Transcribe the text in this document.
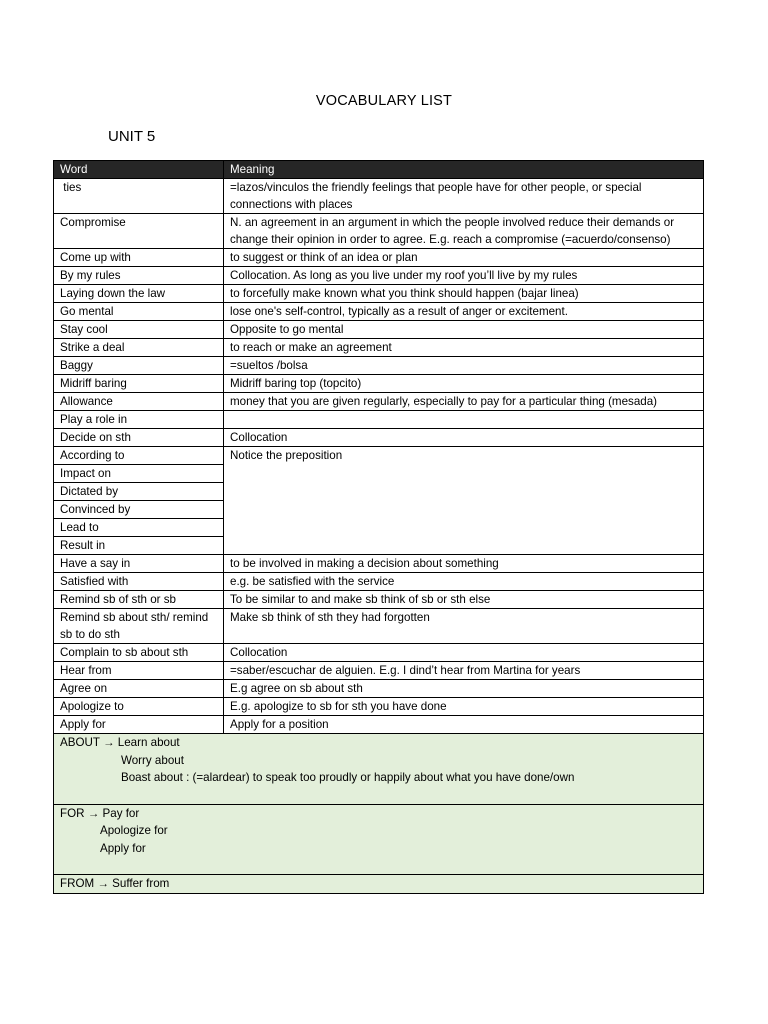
VOCABULARY LIST
UNIT 5
Word	Meaning
ties	=lazos/vinculos the friendly feelings that people have for other people, or special connections with places
Compromise	N. an agreement in an argument in which the people involved reduce their demands or change their opinion in order to agree. E.g. reach a compromise (=acuerdo/consenso)
Come up with	to suggest or think of an idea or plan
By my rules	Collocation. As long as you live under my roof you’ll live by my rules
Laying down the law	to forcefully make known what you think should happen (bajar linea)
Go mental	lose one's self-control, typically as a result of anger or excitement.
Stay cool	Opposite to go mental
Strike a deal	to reach or make an agreement
Baggy	=sueltos /bolsa
Midriff baring	Midriff baring top (topcito)
Allowance	money that you are given regularly, especially to pay for a particular thing (mesada)
Play a role in	
Decide on sth	Collocation
According to	Notice the preposition
Impact on	
Dictated by	
Convinced by	
Lead to	
Result in	
Have a say in	to be involved in making a decision about something
Satisfied with	e.g. be satisfied with the service
Remind sb of sth or sb	To be similar to and make sb think of sb or sth else
Remind sb about sth/ remind sb to do sth	Make sb think of sth they had forgotten
Complain to sb about sth	Collocation
Hear from	=saber/escuchar de alguien. E.g. I dind’t hear from Martina for years
Agree on	E.g agree on sb about sth
Apologize to	E.g. apologize to sb for sth you have done
Apply for	Apply for a position

ABOUT → Learn about
Worry about
Boast about : (=alardear) to speak too proudly or happily about what you have done/own	

FOR → Pay for
Apologize for
Apply for	

FROM → Suffer from	
